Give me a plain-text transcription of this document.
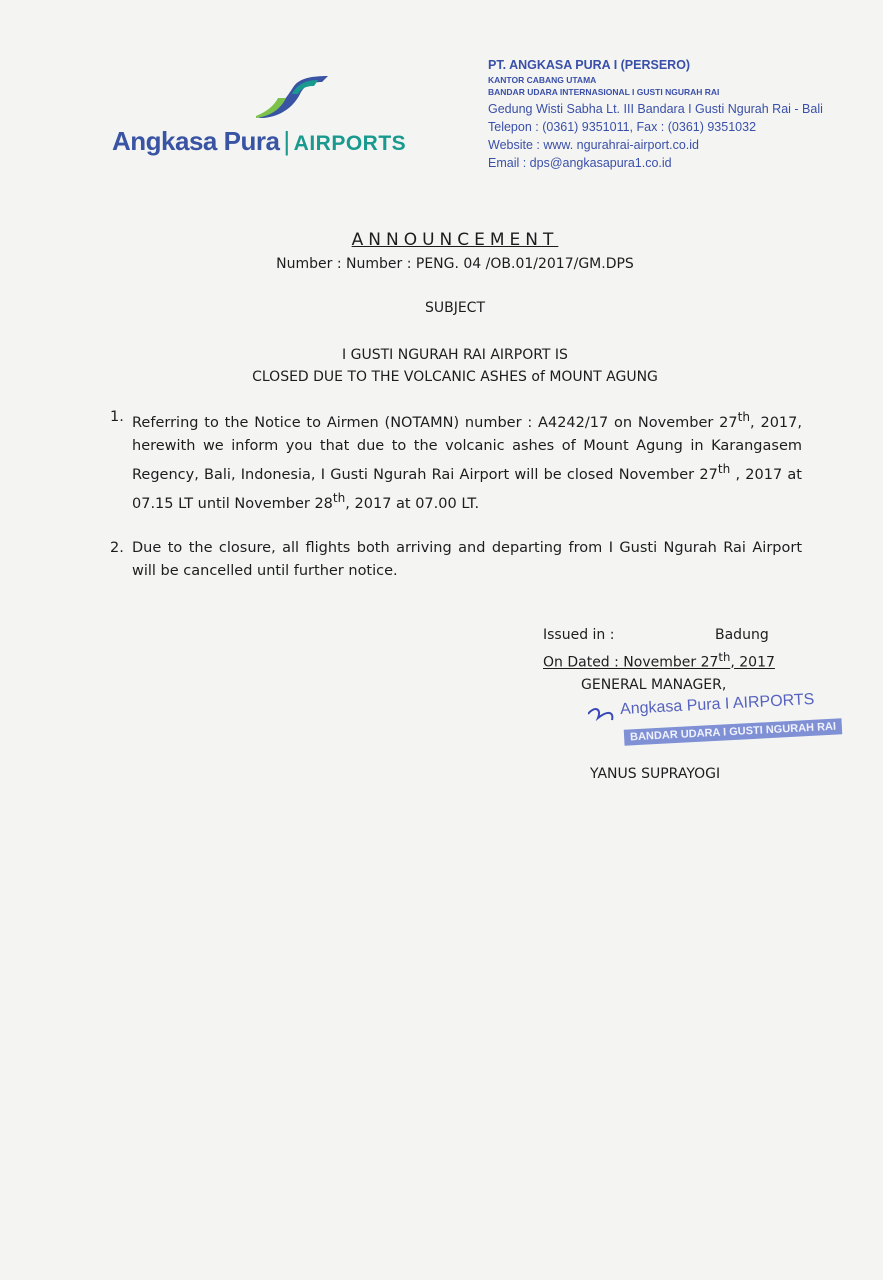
Angkasa Pura | AIRPORTS
PT. ANGKASA PURA I (PERSERO)
KANTOR CABANG UTAMA
BANDAR UDARA INTERNASIONAL I GUSTI NGURAH RAI
Gedung Wisti Sabha Lt. III Bandara I Gusti Ngurah Rai - Bali
Telepon : (0361) 9351011, Fax : (0361) 9351032
Website : www. ngurahrai-airport.co.id
Email : dps@angkasapura1.co.id
ANNOUNCEMENT
Number : Number : PENG. 04 /OB.01/2017/GM.DPS
SUBJECT
I GUSTI NGURAH RAI AIRPORT IS
CLOSED DUE TO THE VOLCANIC ASHES of MOUNT AGUNG
1. Referring to the Notice to Airmen (NOTAMN) number : A4242/17 on November 27th, 2017, herewith we inform you that due to the volcanic ashes of Mount Agung in Karangasem Regency, Bali, Indonesia, I Gusti Ngurah Rai Airport will be closed November 27th , 2017 at 07.15 LT until November 28th, 2017 at 07.00 LT.
2. Due to the closure, all flights both arriving and departing from I Gusti Ngurah Rai Airport will be cancelled until further notice.
Issued in :	Badung
On Dated : November 27th, 2017
GENERAL MANAGER,
Angkasa Pura I AIRPORTS
BANDAR UDARA I GUSTI NGURAH RAI
YANUS SUPRAYOGI
